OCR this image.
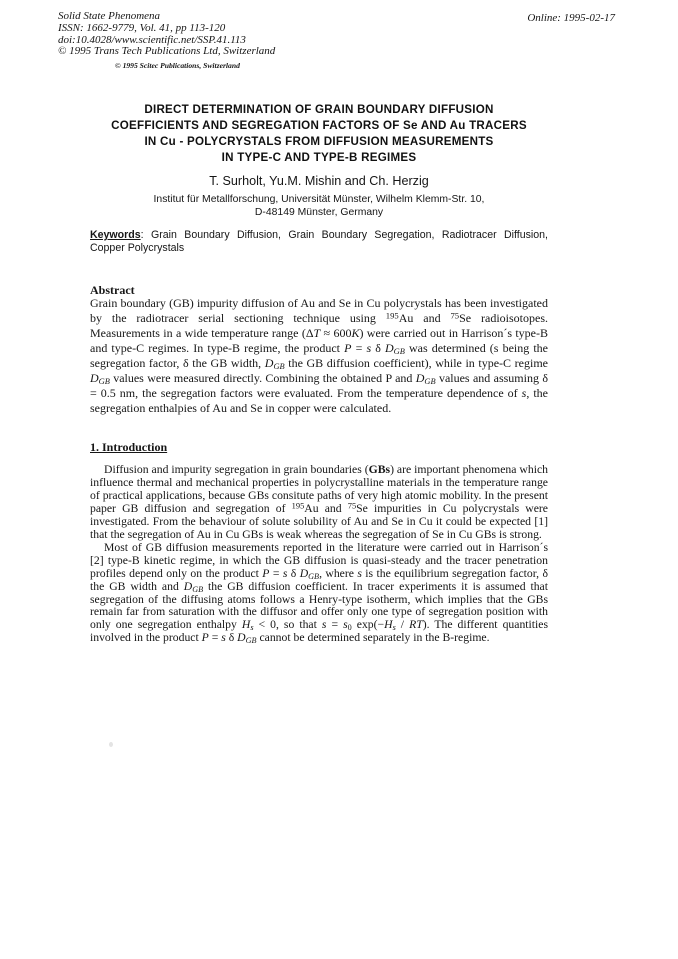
Solid State Phenomena
ISSN: 1662-9779, Vol. 41, pp 113-120
doi:10.4028/www.scientific.net/SSP.41.113
© 1995 Trans Tech Publications Ltd, Switzerland
© 1995 Scitec Publications, Switzerland
Online: 1995-02-17
DIRECT DETERMINATION OF GRAIN BOUNDARY DIFFUSION
COEFFICIENTS AND SEGREGATION FACTORS OF Se AND Au TRACERS
IN Cu - POLYCRYSTALS FROM DIFFUSION MEASUREMENTS
IN TYPE-C AND TYPE-B REGIMES
T. Surholt, Yu.M. Mishin and Ch. Herzig
Institut für Metallforschung, Universität Münster, Wilhelm Klemm-Str. 10,
D-48149 Münster, Germany

Keywords: Grain Boundary Diffusion, Grain Boundary Segregation, Radiotracer Diffusion, Copper Polycrystals

Abstract

Grain boundary (GB) impurity diffusion of Au and Se in Cu polycrystals has been investigated by the radiotracer serial sectioning technique using $^{195}$Au and $^{75}$Se radioisotopes. Measurements in a wide temperature range (ΔT ≈ 600K) were carried out in Harrison´s type-B and type-C regimes. In type-B regime, the product P = s δ DGB was determined (s being the segregation factor, δ the GB width, DGB the GB diffusion coefficient), while in type-C regime DGB values were measured directly. Combining the obtained P and DGB values and assuming δ = 0.5 nm, the segregation factors were evaluated. From the temperature dependence of s, the segregation enthalpies of Au and Se in copper were calculated.

1. Introduction

Diffusion and impurity segregation in grain boundaries (GBs) are important phenomena which influence thermal and mechanical properties in polycrystalline materials in the temperature range of practical applications, because GBs consitute paths of very high atomic mobility. In the present paper GB diffusion and segregation of $^{195}$Au and $^{75}$Se impurities in Cu polycrystals were investigated. From the behaviour of solute solubility of Au and Se in Cu it could be expected [1] that the segregation of Au in Cu GBs is weak whereas the segregation of Se in Cu GBs is strong.

Most of GB diffusion measurements reported in the literature were carried out in Harrison´s [2] type-B kinetic regime, in which the GB diffusion is quasi-steady and the tracer penetration profiles depend only on the product P = s δ DGB, where s is the equilibrium segregation factor, δ the GB width and DGB the GB diffusion coefficient. In tracer experiments it is assumed that segregation of the diffusing atoms follows a Henry-type isotherm, which implies that the GBs remain far from saturation with the diffusor and offer only one type of segregation position with only one segregation enthalpy Hs < 0, so that s = s0 exp(−Hs / RT). The different quantities involved in the product P = s δ DGB cannot be determined separately in the B-regime.
